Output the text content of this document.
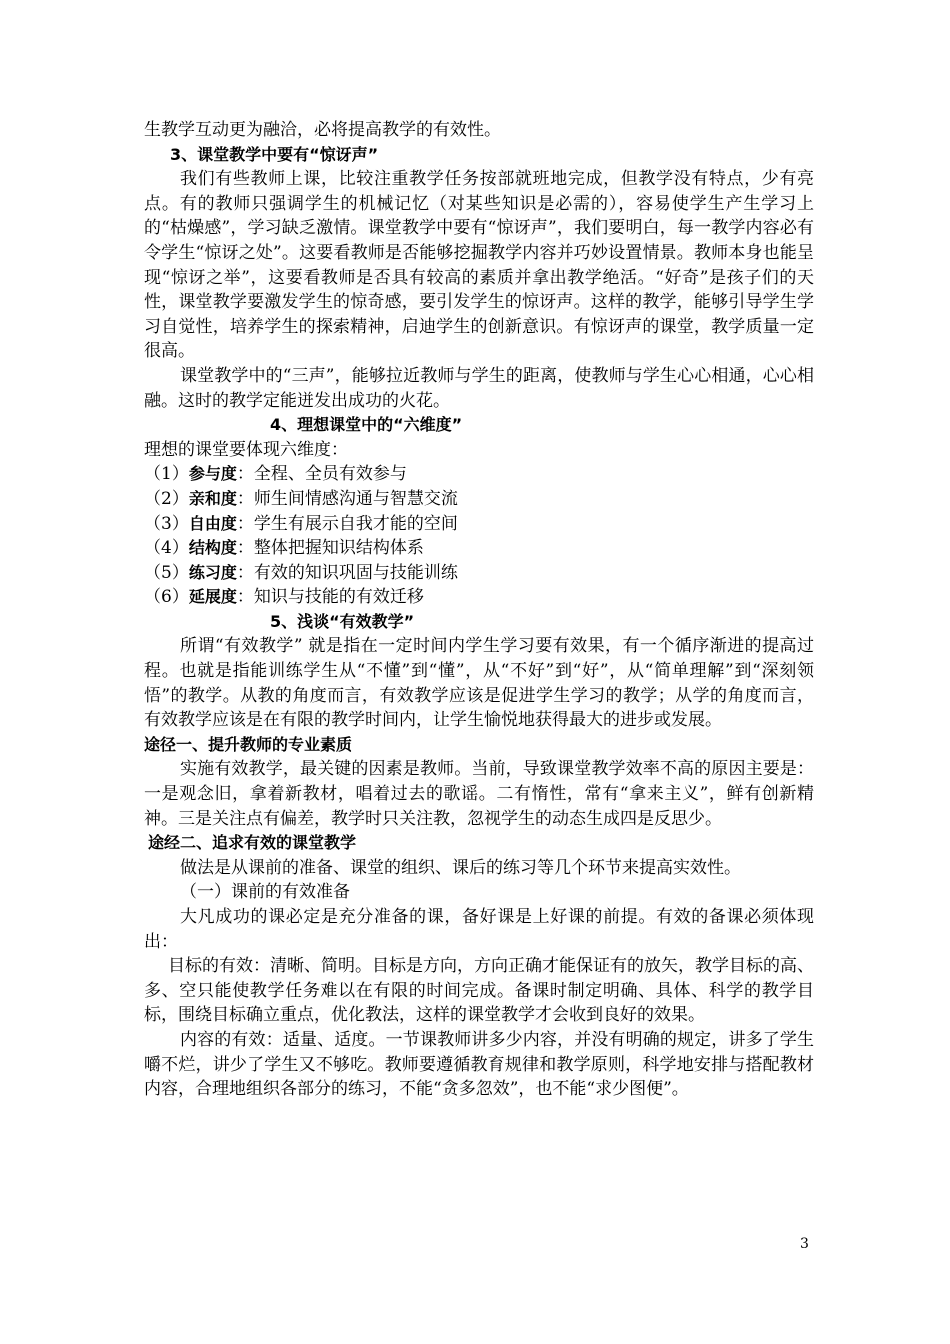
生教学互动更为融洽，必将提高教学的有效性。

3、课堂教学中要有“惊讶声”

我们有些教师上课，比较注重教学任务按部就班地完成，但教学没有特点，少有亮点。有的教师只强调学生的机械记忆（对某些知识是必需的），容易使学生产生学习上的“枯燥感”，学习缺乏激情。课堂教学中要有“惊讶声”，我们要明白，每一教学内容必有令学生“惊讶之处”。这要看教师是否能够挖掘教学内容并巧妙设置情景。教师本身也能呈现“惊讶之举”，这要看教师是否具有较高的素质并拿出教学绝活。“好奇”是孩子们的天性，课堂教学要激发学生的惊奇感，要引发学生的惊讶声。这样的教学，能够引导学生学习自觉性，培养学生的探索精神，启迪学生的创新意识。有惊讶声的课堂，教学质量一定很高。

课堂教学中的“三声”，能够拉近教师与学生的距离，使教师与学生心心相通，心心相融。这时的教学定能迸发出成功的火花。

4、理想课堂中的“六维度”

理想的课堂要体现六维度：

（1）参与度：全程、全员有效参与

（2）亲和度：师生间情感沟通与智慧交流

（3）自由度：学生有展示自我才能的空间

（4）结构度：整体把握知识结构体系

（5）练习度：有效的知识巩固与技能训练

（6）延展度：知识与技能的有效迁移

5、浅谈“有效教学”

所谓“有效教学” 就是指在一定时间内学生学习要有效果，有一个循序渐进的提高过程。也就是指能训练学生从“不懂”到“懂”，从“不好”到“好”，从“简单理解”到“深刻领悟”的教学。从教的角度而言，有效教学应该是促进学生学习的教学；从学的角度而言，有效教学应该是在有限的教学时间内，让学生愉悦地获得最大的进步或发展。

途径一、提升教师的专业素质

实施有效教学，最关键的因素是教师。当前，导致课堂教学效率不高的原因主要是：一是观念旧，拿着新教材，唱着过去的歌谣。二有惰性，常有“拿来主义”，鲜有创新精神。三是关注点有偏差，教学时只关注教，忽视学生的动态生成四是反思少。

途经二、追求有效的课堂教学

做法是从课前的准备、课堂的组织、课后的练习等几个环节来提高实效性。

（一）课前的有效准备

大凡成功的课必定是充分准备的课，备好课是上好课的前提。有效的备课必须体现出：

目标的有效：清晰、简明。目标是方向，方向正确才能保证有的放矢，教学目标的高、多、空只能使教学任务难以在有限的时间完成。备课时制定明确、具体、科学的教学目标，围绕目标确立重点，优化教法，这样的课堂教学才会收到良好的效果。

内容的有效：适量、适度。一节课教师讲多少内容，并没有明确的规定，讲多了学生嚼不烂，讲少了学生又不够吃。教师要遵循教育规律和教学原则，科学地安排与搭配教材内容，合理地组织各部分的练习，不能“贪多忽效”，也不能“求少图便”。

3
